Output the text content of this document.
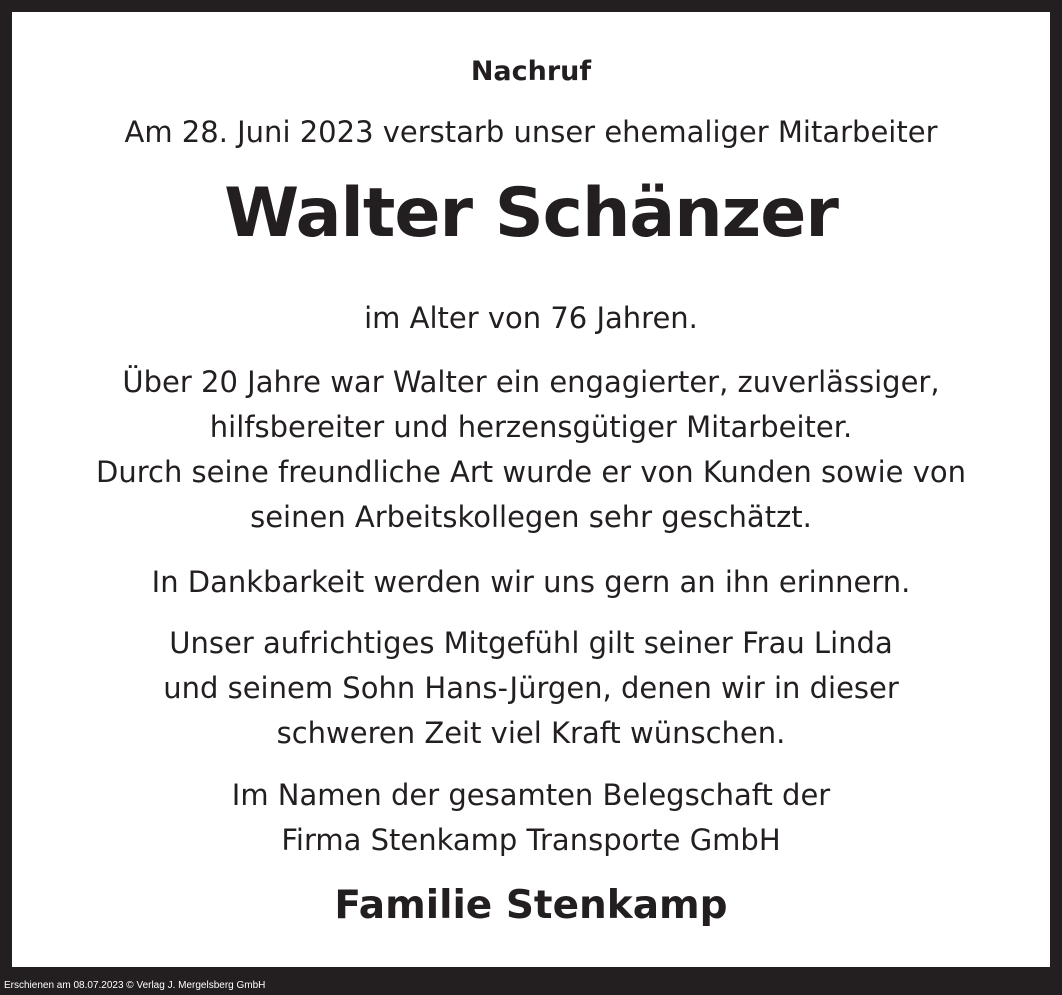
Nachruf

Am 28. Juni 2023 verstarb unser ehemaliger Mitarbeiter

Walter Schänzer

im Alter von 76 Jahren.

Über 20 Jahre war Walter ein engagierter, zuverlässiger,

hilfsbereiter und herzensgütiger Mitarbeiter.

Durch seine freundliche Art wurde er von Kunden sowie von

seinen Arbeitskollegen sehr geschätzt.

In Dankbarkeit werden wir uns gern an ihn erinnern.

Unser aufrichtiges Mitgefühl gilt seiner Frau Linda

und seinem Sohn Hans-Jürgen, denen wir in dieser

schweren Zeit viel Kraft wünschen.

Im Namen der gesamten Belegschaft der

Firma Stenkamp Transporte GmbH

Familie Stenkamp

Erschienen am 08.07.2023 © Verlag J. Mergelsberg GmbH
